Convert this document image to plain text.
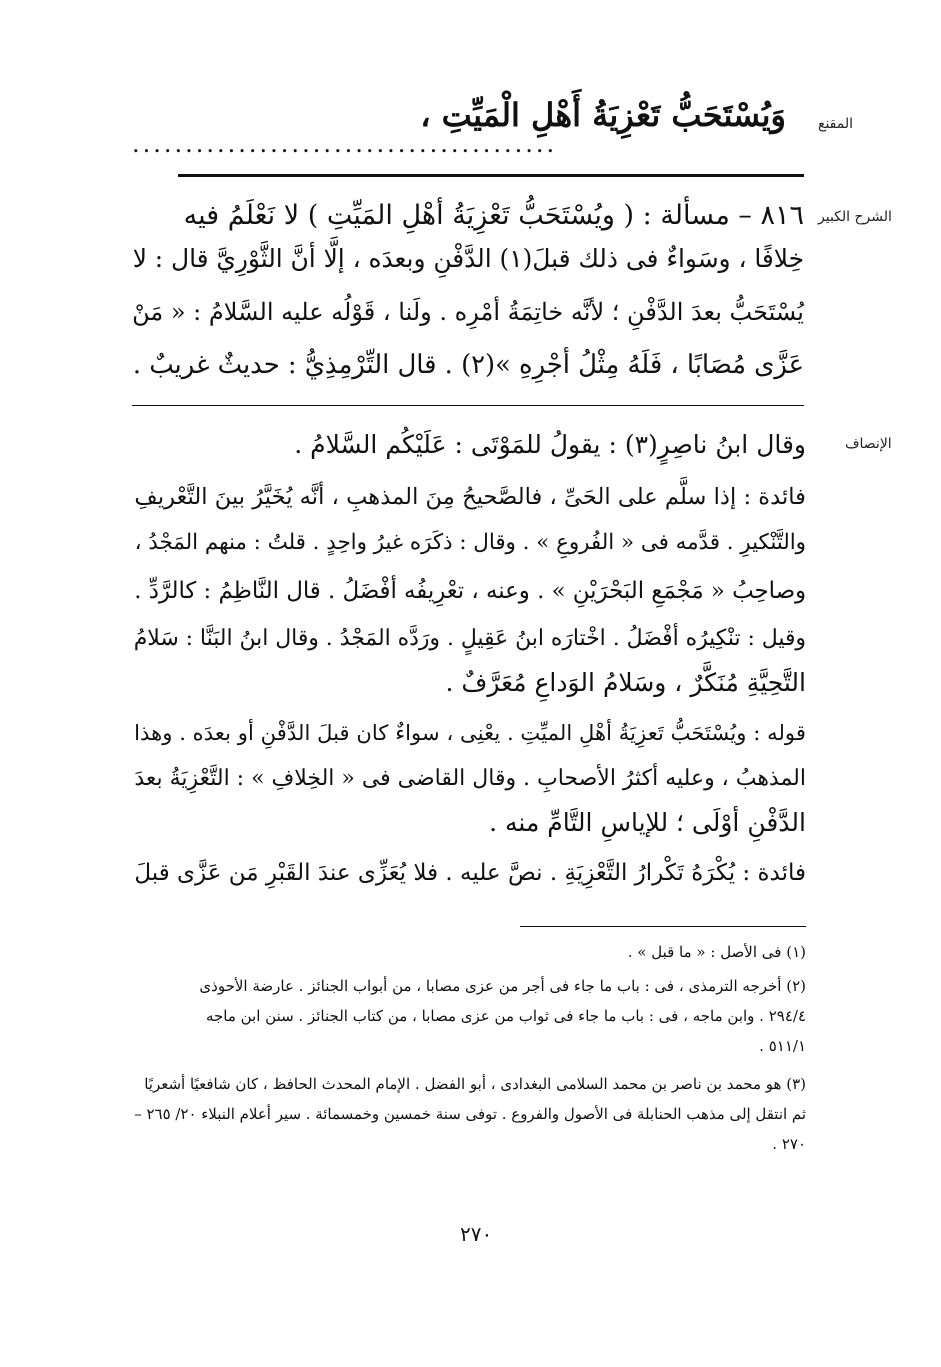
المقنع
وَيُسْتَحَبُّ تَعْزِيَةُ أَهْلِ الْمَيِّتِ ،
........................................
الشرح الكبير
٨١٦ – مسألة : ( ويُسْتَحَبُّ تَعْزِيَةُ أهْلِ المَيِّتِ ) لا نَعْلَمُ فيه
خِلافًا ، وسَواءٌ فى ذلك قبلَ(١) الدَّفْنِ وبعدَه ، إلَّا أنَّ الثَّوْرِيَّ قال : لا
يُسْتَحَبُّ بعدَ الدَّفْنِ ؛ لأنَّه خاتِمَةُ أمْرِه . ولَنا ، قَوْلُه عليه السَّلامُ : « مَنْ
عَزَّى مُصَابًا ، فَلَهُ مِثْلُ أجْرِهِ »(٢) . قال التِّرْمِذِيُّ : حديثٌ غريبٌ .
الإنصاف
وقال ابنُ ناصِرٍ(٣) : يقولُ للمَوْتَى : عَلَيْكُم السَّلامُ .
فائدة : إذا سلَّم على الحَىِّ ، فالصَّحيحُ مِنَ المذهبِ ، أنَّه يُخَيَّرُ بينَ التَّعْريفِ
والتَّنْكيرِ . قدَّمه فى « الفُروعِ » . وقال : ذكَرَه غيرُ واحِدٍ . قلتُ : منهم المَجْدُ ،
وصاحِبُ « مَجْمَعِ البَحْرَيْنِ » . وعنه ، تعْرِيفُه أفْضَلُ . قال النَّاظِمُ : كالرَّدِّ .
وقيل : تنْكِيرُه أفْضَلُ . اخْتارَه ابنُ عَقِيلٍ . ورَدَّه المَجْدُ . وقال ابنُ البَنَّا : سَلامُ
التَّحِيَّةِ مُنَكَّرٌ ، وسَلامُ الوَداعِ مُعَرَّفٌ .
قوله : ويُسْتَحَبُّ تَعزِيَةُ أهْلِ الميِّتِ . يعْنِى ، سواءٌ كان قبلَ الدَّفْنِ أو بعدَه . وهذا
المذهبُ ، وعليه أكثرُ الأصحابِ . وقال القاضى فى « الخِلافِ » : التَّعْزِيَةُ بعدَ
الدَّفْنِ أوْلَى ؛ للإياسِ التَّامِّ منه .
فائدة : يُكْرَهُ تَكْرارُ التَّعْزِيَةِ . نصَّ عليه . فلا يُعَزِّى عندَ القَبْرِ مَن عَزَّى قبلَ
(١) فى الأصل : « ما قبل » .
(٢) أخرجه الترمذى ، فى : باب ما جاء فى أجر من عزى مصابا ، من أبواب الجنائز . عارضة الأحوذى
٢٩٤/٤ . وابن ماجه ، فى : باب ما جاء فى ثواب من عزى مصابا ، من كتاب الجنائز . سنن ابن ماجه
٥١١/١ .
(٣) هو محمد بن ناصر بن محمد السلامى البغدادى ، أبو الفضل . الإمام المحدث الحافظ ، كان شافعيًا أشعريًا
ثم انتقل إلى مذهب الحنابلة فى الأصول والفروع . توفى سنة خمسين وخمسمائة . سير أعلام النبلاء ٢٠/ ٢٦٥ –
٢٧٠ .
٢٧٠
